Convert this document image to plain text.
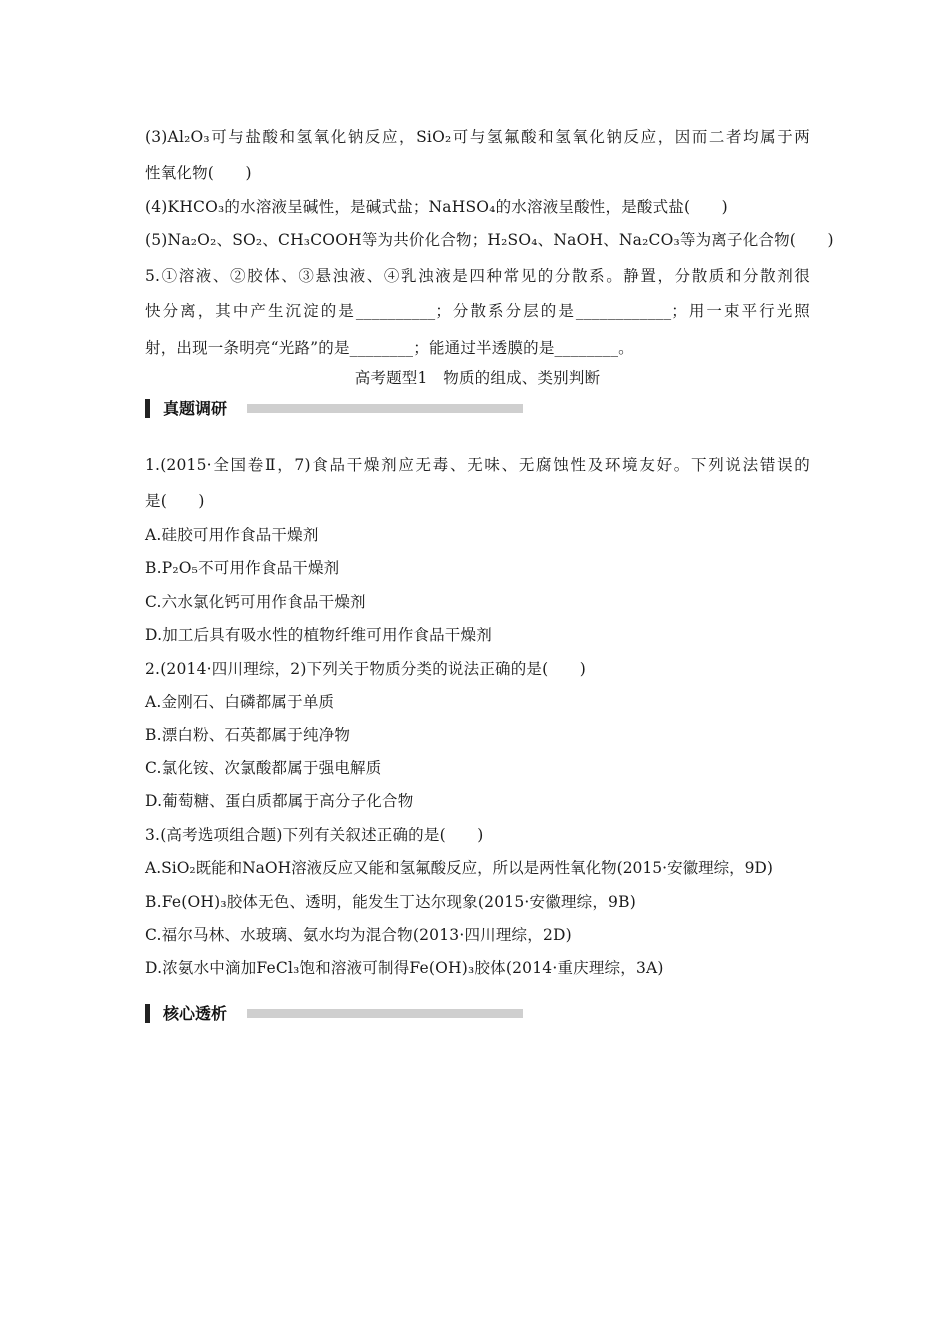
(3)Al₂O₃可与盐酸和氢氧化钠反应，SiO₂可与氢氟酸和氢氧化钠反应，因而二者均属于两
性氧化物(　　)
(4)KHCO₃的水溶液呈碱性，是碱式盐；NaHSO₄的水溶液呈酸性，是酸式盐(　　)
(5)Na₂O₂、SO₂、CH₃COOH等为共价化合物；H₂SO₄、NaOH、Na₂CO₃等为离子化合物(　　)
5.①溶液、②胶体、③悬浊液、④乳浊液是四种常见的分散系。静置，分散质和分散剂很
快分离，其中产生沉淀的是__________；分散系分层的是____________；用一束平行光照
射，出现一条明亮“光路”的是________；能通过半透膜的是________。
高考题型1　物质的组成、类别判断
真题调研
1.(2015·全国卷Ⅱ，7)食品干燥剂应无毒、无味、无腐蚀性及环境友好。下列说法错误的
是(　　)
A.硅胶可用作食品干燥剂
B.P₂O₅不可用作食品干燥剂
C.六水氯化钙可用作食品干燥剂
D.加工后具有吸水性的植物纤维可用作食品干燥剂
2.(2014·四川理综，2)下列关于物质分类的说法正确的是(　　)
A.金刚石、白磷都属于单质
B.漂白粉、石英都属于纯净物
C.氯化铵、次氯酸都属于强电解质
D.葡萄糖、蛋白质都属于高分子化合物
3.(高考选项组合题)下列有关叙述正确的是(　　)
A.SiO₂既能和NaOH溶液反应又能和氢氟酸反应，所以是两性氧化物(2015·安徽理综，9D)
B.Fe(OH)₃胶体无色、透明，能发生丁达尔现象(2015·安徽理综，9B)
C.福尔马林、水玻璃、氨水均为混合物(2013·四川理综，2D)
D.浓氨水中滴加FeCl₃饱和溶液可制得Fe(OH)₃胶体(2014·重庆理综，3A)
核心透析
